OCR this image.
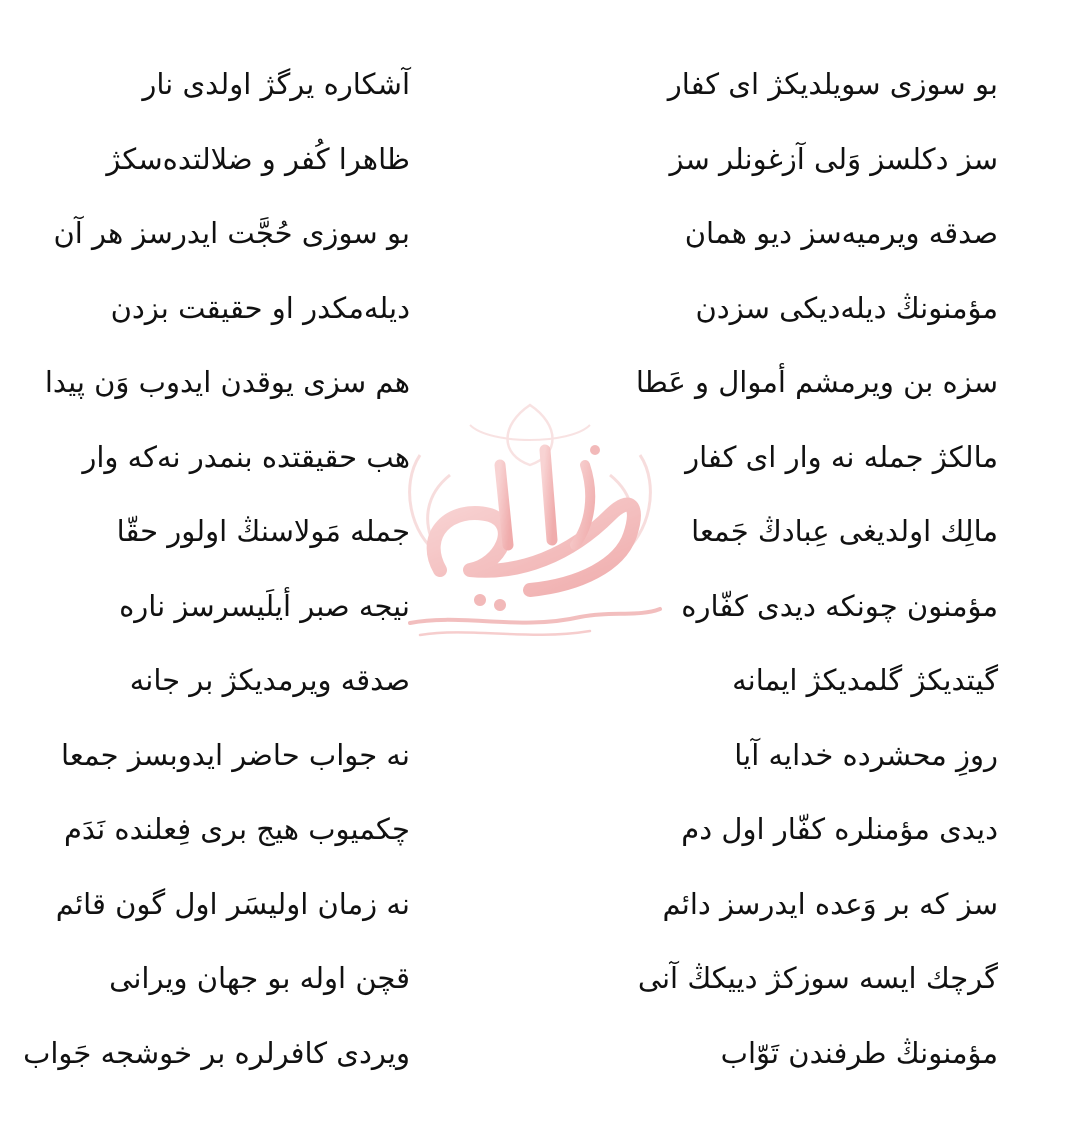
بو سوزی سویلدیکژ ای کفار
آشکاره یرگژ اولدی نار
سز دکلسز وَلی آزغونلر سز
ظاهرا کُفر و ضلالتده‌سکژ
صدقه ویرمیه‌سز دیو همان
بو سوزی حُجَّت ایدرسز هر آن
مؤمنونڭ دیله‌دیکی سزدن
دیله‌مکدر او حقیقت بزدن
سزه بن ویرمشم أموال و عَطا
هم سزی یوقدن ایدوب وَن پیدا
مالکژ جمله نه وار ای کفار
هب حقیقتده بنمدر نه‌که وار
مالِك اولدیغی عِبادڭ جَمعا
جمله مَولاسنڭ اولور حقّا
مؤمنون چونکه دیدی کفّاره
نیجه صبر أیلَیسرسز ناره
گیتدیکژ گلمدیکژ ایمانه
صدقه ویرمدیکژ بر جانه
روزِ محشرده خدایه آیا
نه جواب حاضر ایدوبسز جمعا
دیدی مؤمنلره کفّار اول دم
چکمیوب هیج بری فِعلنده نَدَم
سز که بر وَعده ایدرسز دائم
نه زمان اولیسَر اول گون قائم
گرچك ایسه سوزکژ دییكڭ آنی
قچن اوله بو جهان ویرانی
مؤمنونڭ طرفندن تَوّاب
ویردی کافرلره بر خوشجه جَواب
